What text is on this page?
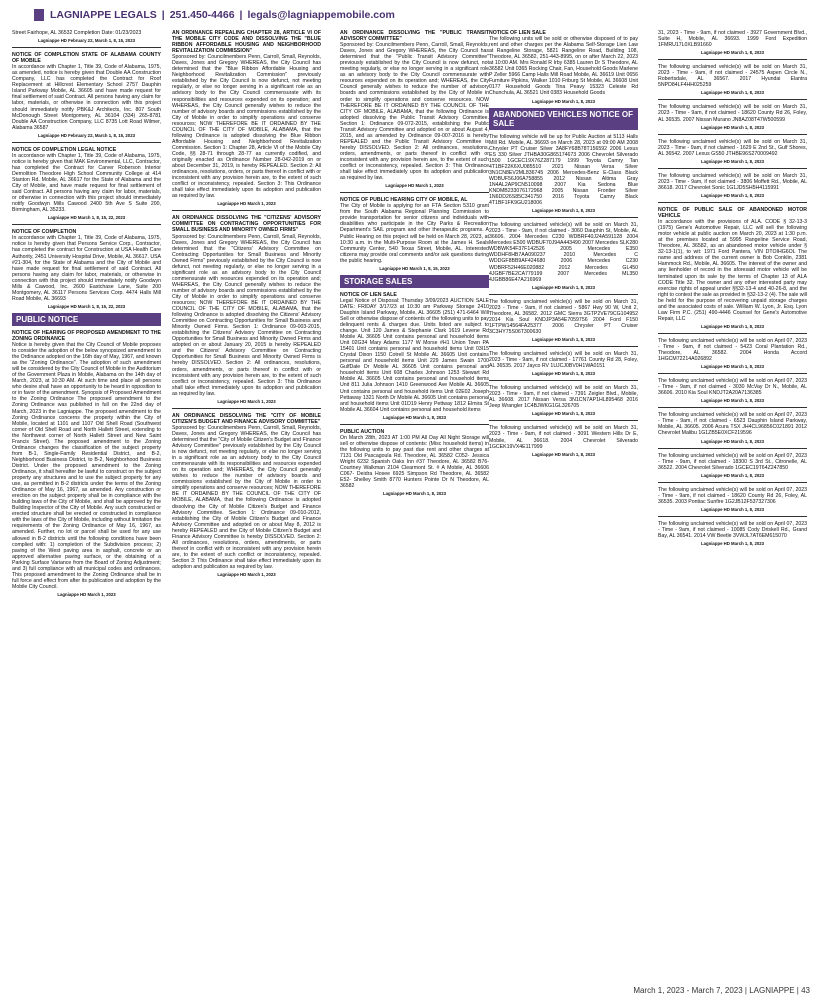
LAGNIAPPE LEGALS | 251.450-4466 | legals@lagniappemobile.com

Street Fairhope, AL 36532 Completion Date: 01/23/2023

Lagniappe HD February 22, March 1, 8, 15, 2023

NOTICE OF COMPLETION STATE OF ALABAMA COUNTY OF MOBILE

In accordance with Chapter 1, Title 39, Code of Alabama, 1975, as amended, notice is hereby given that Double AA Construction Company, LLC has completed the Contract for Roof Replacement at Hillcrest Elementary School 2757 Dauphin Island Parkway Mobile, AL 36605 and have made request for final settlement of said Contract. All persons having any claim for labor, materials, or otherwise in connection with this project should immediately notify PBK&J Architects, Inc. 807 South McDonough Street Montgomery, AL 36104 (334) 265-8781 Double AA Construction Company, LLC 8735 Lott Road Wilmer, Alabama 36587

Lagniappe HD February 22, March 1, 8, 15, 2023

NOTICE OF COMPLETION LEGAL NOTICE

In accordance with Chapter 1, Title 39, Code of Alabama, 1975, notice is hereby given that MAK Environmental, LLC, Contractor, has completed the Contract for Carver Roberson Interior Demolition Theodore High School Community College at 414 Stanton Rd. Mobile, AL 36617 for the State of Alabama and the City of Mobile, and have made request for final settlement of said Contract. All persons having any claim for labor, materials, or otherwise in connection with this project should immediately notify Goodwyn Mills Cawood 2400 5th Ave S Suite 200, Birmingham, AL 35233.

Lagniappe HD March 1, 8, 15, 22, 2023

NOTICE OF COMPLETION

In accordance with Chapter 1, Title 39, Code of Alabama, 1975, notice is hereby given that Persons Service Corp., Contractor, has completed the contract for Construction at USA Health Care Authority, 2451 University Hospital Drive, Mobile, AL 36617. USA #21-304, for the State of Alabama and the City of Mobile and have made request for final settlement of said Contract. All persons having any claim for labor, materials, or otherwise in connection with this project should immediately notify Goodwyn Mills & Cawood, Inc. 2600 Eastchase Lane, Suite 200 Montgomery, AL 36117 Persons Services Corp. 4474 Halls Mill Road Mobile, AL 36693

Lagniappe HD March 1, 8, 15, 22, 2023
PUBLIC NOTICE

NOTICE OF HEARING OF PROPOSED AMENDMENT TO THE ZONING ORDINANCE

Notice is hereby given that the City Council of Mobile proposes to consider the adoption of the below synopsized amendment to the Ordinance adopted on the 16th day of May, 1967, and known as the "Zoning Ordinance". The adoption of such amendment will be considered by the City Council of Mobile in the Auditorium of the Government Plaza in Mobile, Alabama on the 14th day of March, 2023, at 10:30 AM. At such time and place all persons who desire shall have an opportunity to be heard in opposition to or in favor of the amendment. Synopsis of Proposed Amendment to the Zoning Ordinance The proposed amendment to the Zoning Ordinance was published in full on the 22nd day of March, 2023 in the Lagniappe. The proposed amendment to the Zoning Ordinance concerns the property within the City of Mobile, located at 1101 and 1107 Old Shell Road (Southwest corner of Old Shell Road and North Hallett Street, extending to the Northwest corner of North Hallett Street and New Saint Francis Street). The proposed amendment to the Zoning Ordinance changes the classification of the subject property from B-1, Single-Family Residential District, and B-2, Neighborhood Business District, to B-2, Neighborhood Business District. Under the proposed amendment to the Zoning Ordinance, it shall hereafter be lawful to construct on the subject property any structures and to use the subject property for any use, as permitted in B-2 districts under the terms of the Zoning Ordinance of May 16, 1967, as amended. Any construction or erection on the subject property shall be in compliance with the building laws of the City of Mobile, and shall be approved by the Building Inspector of the City of Mobile. Any such constructed or erected structure shall be erected or constructed in compliance with the laws of the City of Mobile, including without limitation the requirements of the Zoning Ordinance of May 16, 1967, as amended. Further, no lot or parcel shall be used for any use allowed in B-2 districts until the following conditions have been complied with: 1) completion of the Subdivision process; 2) paving of the West paving area in asphalt, concrete or an approved alternative paving surface, or the obtaining of a Parking Surface Variance from the Board of Zoning Adjustment; and 3) full compliance with all municipal codes and ordinances. This proposed amendment to the Zoning Ordinance shall be in full force and effect from after its publication and adoption by the Mobile City Council.

Lagniappe HD March 1, 2023

AN ORDINANCE REPEALING CHAPTER 28, ARTICLE VI OF THE MOBILE CITY CODE AND DISSOLVING THE "BLUE RIBBON AFFORDABLE HOUSING AND NEIGHBORHOOD REVITALIZATION COMMISSION"

Sponsored by: Councilmembers Penn, Carroll, Small, Reynolds, Daves, Jones and Gregory WHEREAS, the City Council has determined that the "Blue Ribbon Affordable Housing and Neighborhood Revitalization Commission" previously established by the City Council is now defunct, not meeting regularly, or else no longer serving in a significant role as an advisory body to the City Council commensurate with its responsibilities and resources expended on its operation; and WHEREAS, the City Council generally wishes to reduce the number of advisory boards and commissions established by the City of Mobile in order to simplify operations and conserve resources; NOW THEREFORE BE IT ORDAINED BY THE COUNCIL OF THE CITY OF MOBILE, ALABAMA, that the following Ordinance is adopted dissolving the Blue Ribbon Affordable Housing and Neighborhood Revitalization Commission. Section 1: Chapter 28, Article VI of the Mobile City Code, §§ 28-71 through 28-77 as currently codified, and originally enacted as Ordinance Number 28-042-2019 on or about December 31, 2019, is hereby REPEALED. Section 2: All ordinances, resolutions, orders, or parts thereof in conflict with or inconsistent with any provision herein are, to the extent of such conflict or inconsistency, repealed. Section 3: This Ordinance shall take effect immediately upon its adoption and publication as required by law.

Lagniappe HD March 1, 2023

AN ORDINANCE DISSOLVING THE "CITIZENS' ADVISORY COMMITTEE ON CONTRACTING OPPORTUNITIES FOR SMALL BUSINESS AND MINORITY OWNED FIRMS"

Sponsored by: Councilmembers Penn, Carroll, Small, Reynolds, Daves, Jones and Gregory WHEREAS, the City Council has determined that the "Citizens' Advisory Committee on Contracting Opportunities for Small Business and Minority Owned Firms" previously established by the City Council is now defunct, not meeting regularly, or else no longer serving in a significant role as an advisory body to the City Council commensurate with resources expended on its operation and; WHEREAS, the City Council generally wishes to reduce the number of advisory boards and commissions established by the City of Mobile in order to simplify operations and conserve resources; NOW THEREFORE BE IT ORDAINED BY THE COUNCIL OF THE CITY OF MOBILE, ALABAMA, that the following Ordinance is adopted dissolving the Citizens' Advisory Committee on Contracting Opportunities for Small Business and Minority Owned Firms. Section 1: Ordinance 09-003-2015, establishing the Citizens' Advisory Committee on Contracting Opportunities for Small Business and Minority Owned Firms and adopted on or about January 20, 2015 is hereby REPEALED and the Citizens' Advisory Committee on Contracting Opportunities for Small Business and Minority Owned Firms is hereby DISSOLVED. Section 2: All ordinances, resolutions, orders, amendments, or parts thereof in conflict with or inconsistent with any provision herein are, to the extent of such conflict or inconsistency, repealed. Section 3: This Ordinance shall take effect immediately upon its adoption and publication as required by law.

Lagniappe HD March 1, 2023

AN ORDINANCE DISSOLVING THE "CITY OF MOBILE CITIZEN'S BUDGET AND FINANCE ADVISORY COMMITTEE"

Sponsored by: Councilmembers Penn, Carroll, Small, Reynolds, Daves, Jones and Gregory WHEREAS, the City Council has determined that the "City of Mobile Citizen's Budget and Finance Advisory Committee" previously established by the City Council is now defunct, not meeting regularly, or else no longer serving in a significant role as an advisory body to the City Council commensurate with its responsibilities and resources expended on its operation and; WHEREAS, the City Council generally wishes to reduce the number of advisory boards and commissions established by the City of Mobile in order to simplify operations and conserve resources; NOW THEREFORE BE IT ORDAINED BY THE COUNCIL OF THE CITY OF MOBILE, ALABAMA, that the following Ordinance is adopted dissolving the City of Mobile Citizen's Budget and Finance Advisory Committee. Section 1: Ordinance 09-010-2012, establishing the City of Mobile Citizen's Budget and Finance Advisory Committee and adopted on or about May 8, 2012 is hereby REPEALED and the City of Mobile Citizen's Budget and Finance Advisory Committee is hereby DISSOLVED. Section 2: All ordinances, resolutions, orders, amendments, or parts thereof in conflict with or inconsistent with any provision herein are, to the extent of such conflict or inconsistency, repealed. Section 3: This Ordinance shall take effect immediately upon its adoption and publication as required by law.

Lagniappe HD March 1, 2023

AN ORDINANCE DISSOLVING THE "PUBLIC TRANSIT ADVISORY COMMITTEE"

Sponsored by: Councilmembers Penn, Carroll, Small, Reynolds, Daves, Jones and Gregory WHEREAS, the City Council has determined that the "Public Transit Advisory Committee" previously established by the City Council is now defunct, not meeting regularly, or else no longer serving in a significant role as an advisory body to the City Council commensurate with resources expended on its operation and; WHEREAS, the City Council generally wishes to reduce the number of advisory boards and commissions established by the City of Mobile in order to simplify operations and conserve resources. NOW THEREFORE BE IT ORDAINED BY THE COUNCIL OF THE CITY OF MOBILE, ALABAMA, that the following Ordinance is adopted dissolving the Public Transit Advisory Committee. Section 1: Ordinance 09-072-2015, establishing the Public Transit Advisory Committee and adopted on or about August 4, 2015, and as amended by Ordinance 09-007-2016 is hereby REPEALED and the Public Transit Advisory Committee is hereby DISSOLVED. Section 2: All ordinances, resolutions, orders, amendments, or parts thereof in conflict with or inconsistent with any provision herein are, to the extent of such conflict or inconsistency, repealed. Section 3: This Ordinance shall take effect immediately upon its adoption and publication as required by law.

Lagniappe HD March 1, 2023

NOTICE OF PUBLIC HEARING CITY OF MOBILE, AL

The City of Mobile is applying for an FTA Section 5310 grant from the South Alabama Regional Planning Commission to provide transportation for senior citizens and individuals with disabilities who participate in the City Parks & Recreation Department's SAIL program and other therapeutic programs. A Public Hearing on this project will be held on March 28, 2023, at 10:30 a.m. in the Multi-Purpose Room at the James H. Seals Community Center, 540 Texas Street, Mobile, AL. Interested citizens may provide oral comments and/or ask questions during the public hearing.

Lagniappe HD March 1, 8, 15, 2023
STORAGE SALES

NOTICE OF LIEN SALE

Legal Notice of Disposal: Thursday 3/09/2023 AUCTION SALE DATE: FRIDAY 3/17/23 at 10:30 am Parkway Storage 2410 Dauphin Island Parkway, Mobile, AL 36605 (251) 471-6464 Will Sell or otherwise dispose of contents of the following units to pay delinquent rents & charges due. Units listed are subject to change. Unit 120 James & Stephanie Clark 1619 Levene Rd Mobile AL 36605 Unit contains personal and household items Unit 02G34 Mary Adams 1177 W Morse #H1 Union Town PA 15401 Unit contains personal and household items Unit 03I15 Crystal Dixon 1150 Cotrell St Mobile AL 36605 Unit contains personal and household items Unit 229 James Swain 1700 GulfDale Dr Mobile AL 36605 Unit contains personal and household items Unit 608 Charles Johnson 1253 Stewart Rd Mobile AL 36605 Unit contains personal and household items Unit 811 Julia Johnson 1410 Greenwood Ave Mobile AL 36605 Unit contains personal and household items Unit 02E02 Joseph Pettaway 1321 North Dr Mobile AL 36605 Unit contains personal and household items Unit 01D19 Henry Pettway 1812 Elmira St Mobile AL 36604 Unit contains personal and household items

Lagniappe HD March 1, 8, 2023

PUBLIC AUCTION

On March 28th, 2023 AT 1:00 PM All Day All Night Storage will sell or otherwise dispose of contents: (Misc household items) in the following units to pay past due rent and other charges at 7131 Old Pascagoula Rd. Theodore, AL 36582 C052- Jessica Wright 6232 Spanish Oaks Inn #37 Theodore, AL 36582 B76- Courtney Walkman 2104 Clearmont St. # A Mobile, AL 36606 C067- Deidra Hosee 6925 Simpson Rd Theodore, AL 36582 E52- Shelley Smith 8770 Hunters Pointe Dr N Theodore, AL 36582

Lagniappe HD March 1, 8, 2023

NOTICE OF LIEN SALE

The following units will be sold or otherwise disposed of to pay rent and other charges per the Alabama Self-Storage Lien Law at Rangeline Storage, 5821 Rangeline Road, Building 108, Theodore, AL 36582, 251-443-8995, on or after March 22, 2023 at 10:00 AM. Mrs Ronald R Irby 6385 Lauren Dr S Theodore, AL 36582 Unit 0365 Rocking Chair, Fan, Household Goods Marlene P Zeller 5966 Camp Halls Mill Road Mobile, AL 36619 Unit 0656 Furniture Pipkins, Walker 1010 Friburg St Mobile, AL 36608 Unit 0177 Household Goods Tina Peavy 15323 Celeste Rd Chunchula, AL 36521 Unit 0383 Household Goods

Lagniappe HD March 1, 8, 2023
ABANDONED VEHICLES NOTICE OF SALE

The following vehicle will be up for Public Auction at 5113 Halls Mill Rd. Mobile, AL 36693 on March 28, 2023 at 09:00 AM 2008 Chrysler PT Cruiser Silver 3A8FY68B78T156592 2006 Lexus ES 330 Silver JTHBA30G865174673 2006 Chevrolet Silverado 1500 1GCEC19X76Z287179 1999 Toyota Camry Tan 4T1BF22K6XU085510 2021 Nissan Versa Silver 3N1CN8EV2ML836745 2006 Mercedes-Benz E-Class Black WDBUF56J06A758855 2012 Nissan Altima Gray 1N4AL2AP9CN510098 2007 Kia Sedona Blue KNDMB233076172968 2005 Nissan Frontier Silver 1N6DD26S85C341750 2016 Toyota Camry Black 4T1BF1FK9GU218006

Lagniappe HD March 1, 8, 2023

The following unclaimed vehicle(s) will be sold on March 31, 2023 - Time - 9am, if not claimed - 3060 Dauphin St, Mobile, AL 36606. 2004 Mercedes C230 WDBRF40J24A591128 2004 Mercedes E500 WDBUF70J94A443490 2007 Mercedes SLK280 WDBWK54F37F142526 2005 Mercedes E350 WDDHF8HB7AA090237 2010 Mercedes C WDDGF8BB9AF424680 2006 Mercedes C230 WDBRF52H46E020882 2012 Mercedes GL450 4JGBF7BE2CA779199 2007 Mercedes ML350 4JGBB86E47A216969

Lagniappe HD March 1, 8, 2023

The following unclaimed vehicle(s) will be sold on March 31, 2023 - Time - 9am, if not claimed - 5867 Hwy 90 W, Unit 2, Theodore, AL 36582. 2012 GMC Sierra 3GTP2VE79CG104952 2014 Kia Soul KNDJP3A54E7059756 2004 Ford F150 1FTPW14564FA25377 2006 Chrysler PT Cruiser 3C3HY75S06T300630

Lagniappe HD March 1, 8, 2023

The following unclaimed vehicle(s) will be sold on March 31, 2023 - Time - 9am, if not claimed - 17761 County Rd 28, Foley, AL 36535. 2017 Jayco RV 1UJCJ0BV0H1WA0151

Lagniappe HD March 1, 8, 2023

The following unclaimed vehicle(s) will be sold on March 31, 2023 - Time - 9am, if not claimed - 7391 Zeigler Blvd., Mobile, AL 36608. 2017 Nissan Versa 3N1CN7AP1HL895468 2016 Jeep Wrangler 1C4BJWKG1GL326705

Lagniappe HD March 1, 8, 2023

The following unclaimed vehicle(s) will be sold on March 31, 2023 - Time - 9am, if not claimed - 3091 Western Hills Dr E, Mobile, AL 36618. 2004 Chevrolet Silverado 1GCEK19VX4E117999

Lagniappe HD March 1, 8, 2023

31, 2023 - Time - 9am, if not claimed - 3927 Government Blvd., Suite H, Mobile, AL 36693. 1999 Ford Expedition 1FMRU17L0XLB91660

Lagniappe HD March 1, 8, 2023

The following unclaimed vehicle(s) will be sold on March 31, 2023 - Time - 9am, if not claimed - 24575 Aspen Circle N., Robertsdale, AL 36567. 2017 Hyundai Elantra 5NPD84LF4HH025259

Lagniappe HD March 1, 8, 2023

The following unclaimed vehicle(s) will be sold on March 31, 2023 - Time - 9am, if not claimed - 18620 County Rd 26, Foley, AL 36535. 2007 Nissan Murano JN8AZ08T47W500599

Lagniappe HD March 1, 8, 2023

The following unclaimed vehicle(s) will be sold on March 31, 2023 - Time - 9am, if not claimed - 1629 E 2nd St., Gulf Shores, AL 36542. 2007 Lexus GS50 JTHBE96S270009492

Lagniappe HD March 1, 8, 2023

The following unclaimed vehicle(s) will be sold on March 31, 2023 - Time - 9am, if not claimed - 3806 Moffett Rd., Mobile, AL 36618. 2017 Chevrolet Sonic 1G1JD5SH5H4115991

Lagniappe HD March 1, 8, 2023

NOTICE OF PUBLIC SALE OF ABANDONED MOTOR VEHICLE

In accordance with the provisions of ALA. CODE § 32-13-3 (1975) Gene's Automotive Repair, LLC will sell the following motor vehicle at public auction on March 20, 2023 at 1:30 p.m. at the premises located at 5995 Rangeline Service Road, Theodore, AL 36582, as an abandoned motor vehicle under § 32-13-1(1), to wit: 1971 Ford Pantera, VIN DTOIHG6OL The name and address of the current owner is Bob Conklin, 2381 Hammock Rd., Mobile, AL 36605. The interest of the owner and any lienholder of record in the aforesaid motor vehicle will be terminated upon its sale by the terms of Chapter 13 of ALA CODE Title 32. The owner and any other interested party may exercise rights of appeal under §§32-13-4 and 40-26-8, and the right to contest the sale as provided in §32-13-2 (4). The sale will be held for the purpose of recovering unpaid storage charges and the associated costs of sale. William W. Lyon, Jr. Esq. Lyon Law Firm P.C. (251) 490-4446 Counsel for Gene's Automotive Repair, LLC

Lagniappe HD March 1, 8, 2023

The following unclaimed vehicle(s) will be sold on April 07, 2023 - Time - 9am, if not claimed - 5423 Coral Plantation Rd., Theodore, AL 36582. 2004 Honda Accord 1HGCM72214A026892

Lagniappe HD March 1, 8, 2023

The following unclaimed vehicle(s) will be sold on April 07, 2023 - Time - 9am, if not claimed - 3030 McVay Dr N., Mobile, AL 36606. 2010 Kia Soul KNDJT2A20A7136385

Lagniappe HD March 1, 8, 2023

The following unclaimed vehicle(s) will be sold on April 07, 2023 - Time - 9am, if not claimed - 6523 Dauphin Island Parkway, Mobile, AL 36605. 2006 Acura TSX JH4CL96856C021891 2012 Chevrolet Malibu 1G1ZB5E0XCF219596

Lagniappe HD March 1, 8, 2023

The following unclaimed vehicle(s) will be sold on April 07, 2023 - Time - 9am, if not claimed - 18300 S 3rd St., Citronelle, AL 36522. 2004 Chevrolet Silverado 1GCEC19T64Z247850

Lagniappe HD March 1, 8, 2023

The following unclaimed vehicle(s) will be sold on April 07, 2023 - Time - 9am, if not claimed - 18620 County Rd 26, Foley, AL 36535. 2003 Pontiac Sunfire 1G2JB12F537327306

Lagniappe HD March 1, 8, 2023

The following unclaimed vehicle(s) will be sold on April 07, 2023 - Time - 9am, if not claimed - 10085 Cody Driskell Rd., Grand Bay, AL 36541. 2014 VW Beetle 3VWJL7AT6EM615070

Lagniappe HD March 1, 8, 2023
March 1, 2023 - March 7, 2023 | LAGNIAPPE | 43
